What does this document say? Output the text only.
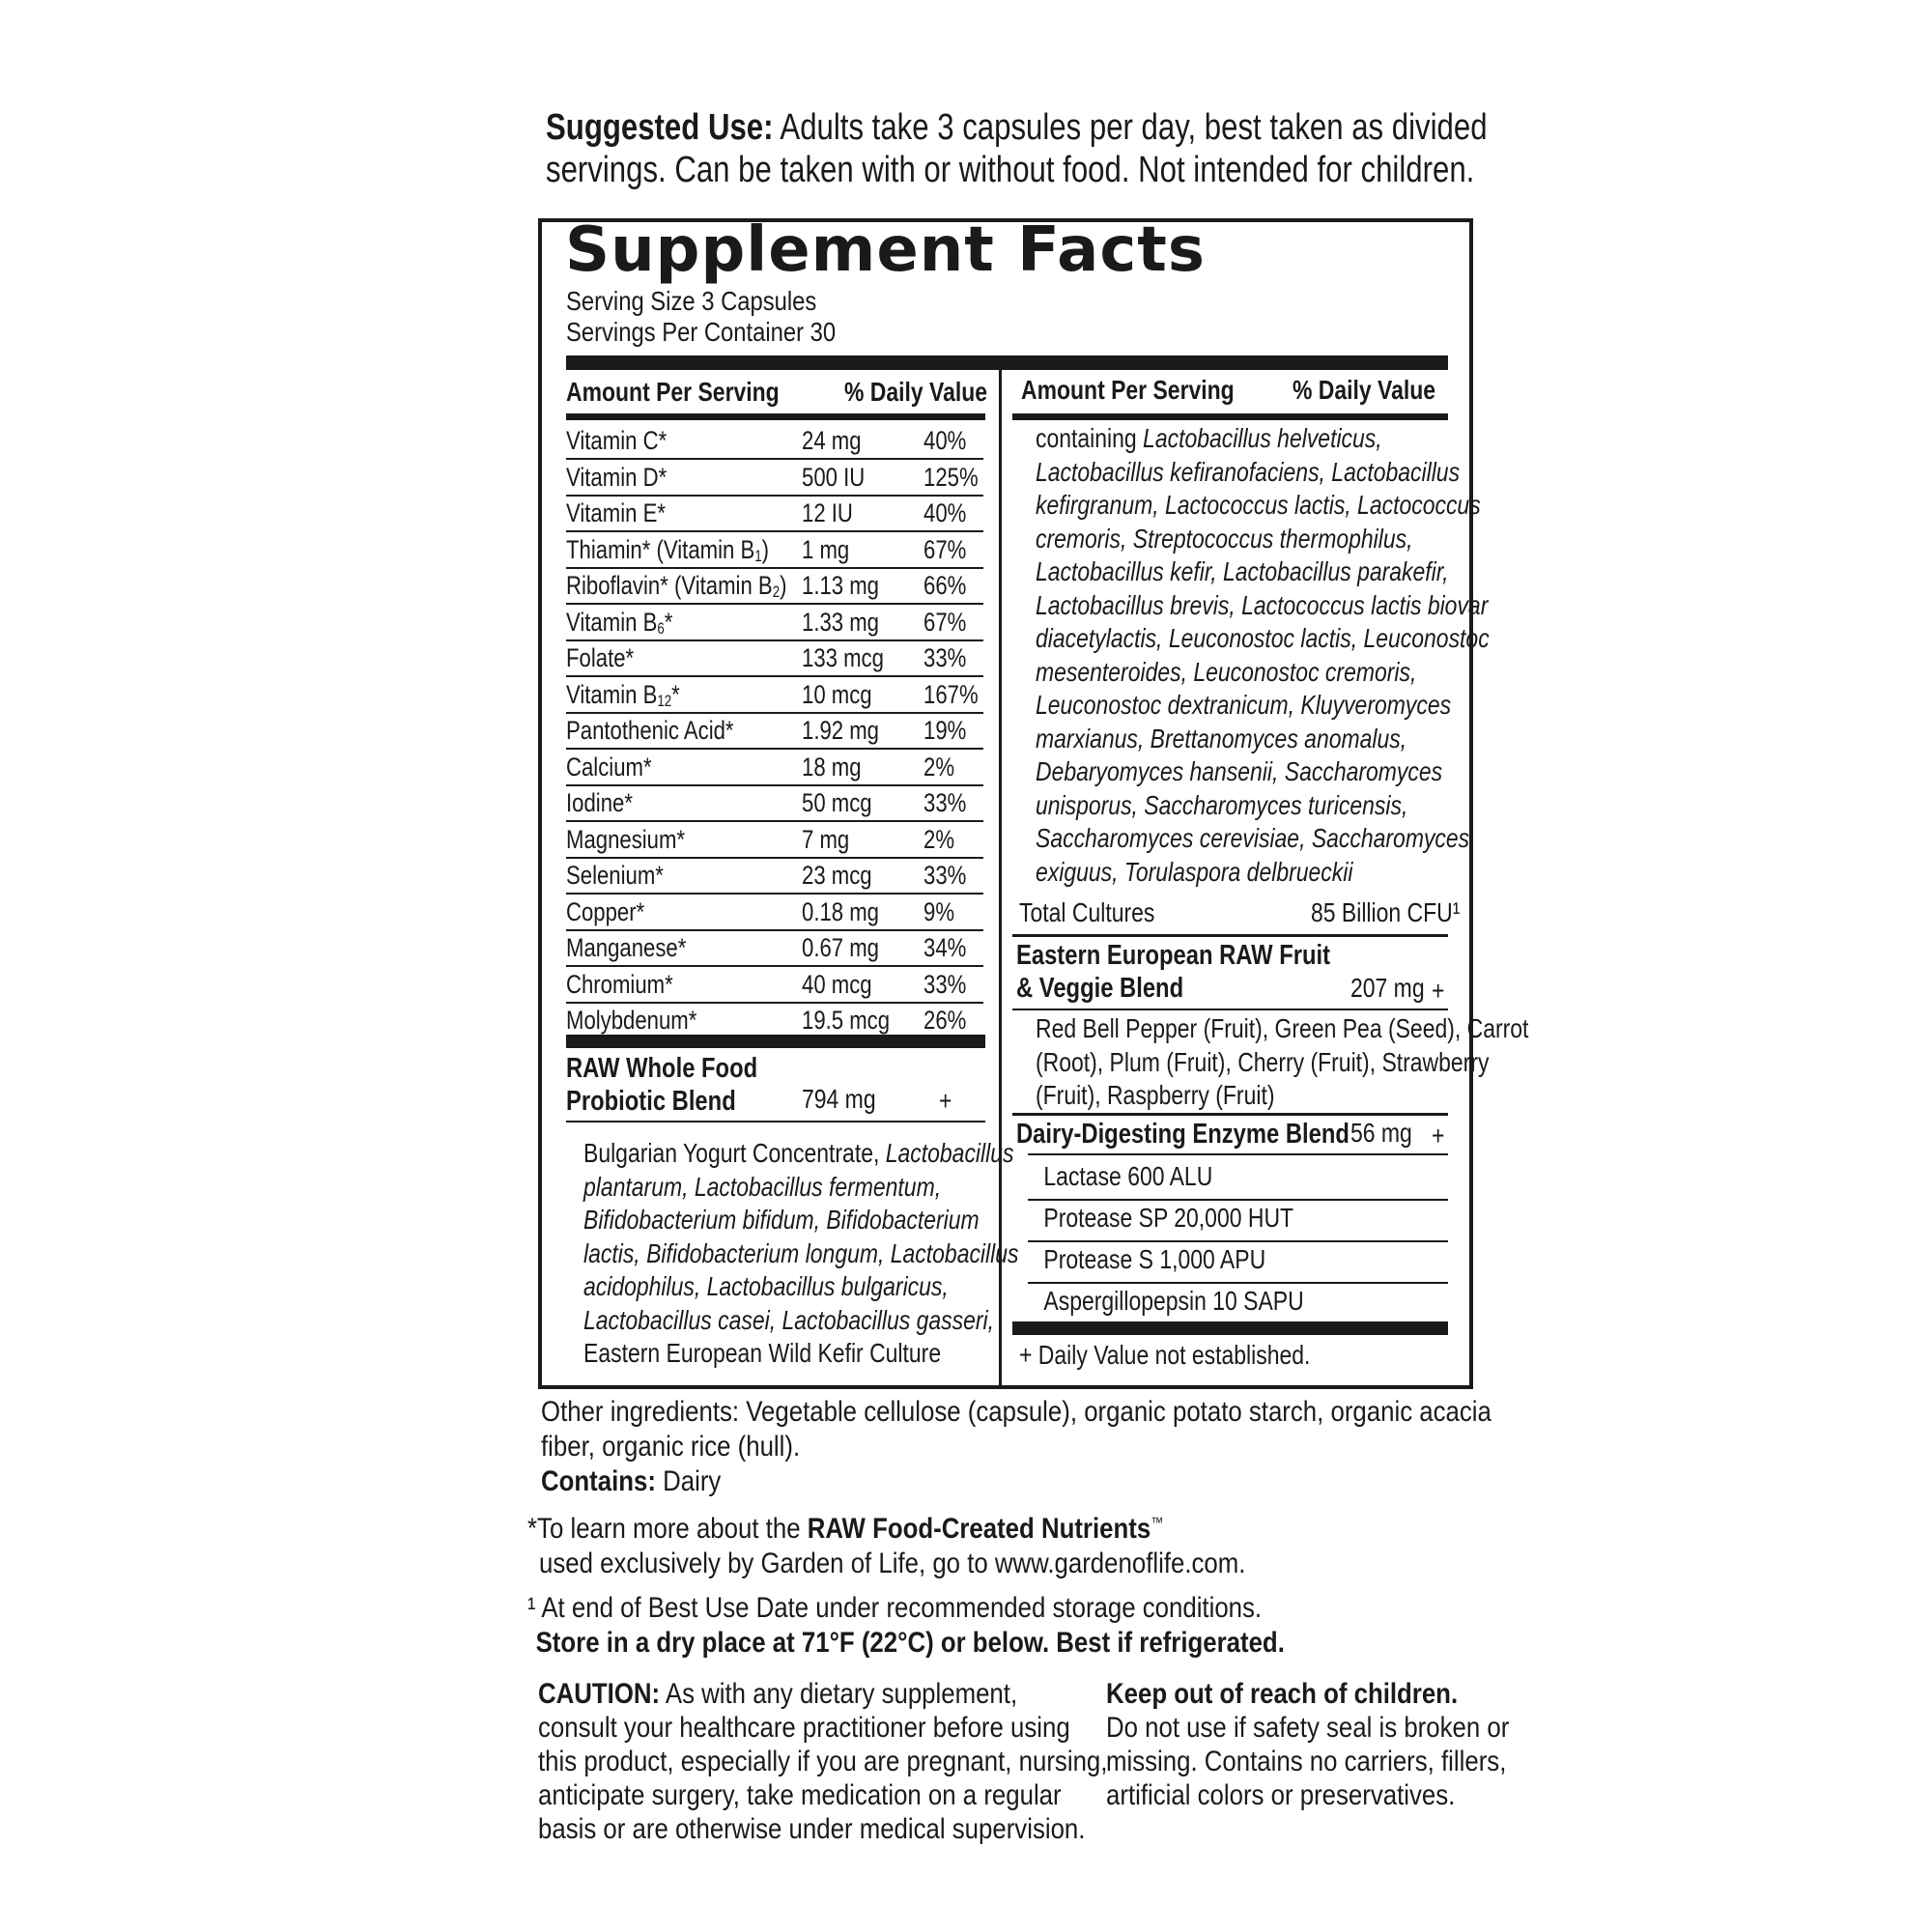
Suggested Use: Adults take 3 capsules per day, best taken as divided
servings. Can be taken with or without food. Not intended for children.
Supplement Facts
Serving Size 3 Capsules
Servings Per Container 30
Amount Per Serving	% Daily Value	Amount Per Serving	% Daily Value
Vitamin C*	24 mg 40%
Vitamin D*	500 IU 125%
Vitamin E*	12 IU	40%
Thiamin* (Vitamin $B_1$) 1 mg	67%
Riboflavin* (Vitamin $B_2$) 1.13 mg 66%
Vitamin $B_6*$	1.33 mg 67%
Folate*	133 mcg 33%
Vitamin $B_{12}*$	10 mcg 167%
Pantothenic Acid*	1.92 mg 19%
Calcium*	18 mg 2%
Iodine*	50 mcg 33%
Magnesium*	7 mg	2%
Selenium*	23 mcg 33%
Copper*	0.18 mg 9%
Manganese*	0.67 mg 34%
Chromium*	40 mcg 33%
Molybdenum*	19.5 mcg 26%
RAW Whole Food
Probiotic Blend	794 mg +
Bulgarian Yogurt Concentrate, Lactobacillus
plantarum, Lactobacillus fermentum,
Bifidobacterium bifidum, Bifidobacterium
lactis, Bifidobacterium longum, Lactobacillus
acidophilus, Lactobacillus bulgaricus,
Lactobacillus casei, Lactobacillus gasseri,
Eastern European Wild Kefir Culture
containing Lactobacillus helveticus,
Lactobacillus kefiranofaciens, Lactobacillus
kefirgranum, Lactococcus lactis, Lactococcus
cremoris, Streptococcus thermophilus,
Lactobacillus kefir, Lactobacillus parakefir,
Lactobacillus brevis, Lactococcus lactis biovar
diacetylactis, Leuconostoc lactis, Leuconostoc
mesenteroides, Leuconostoc cremoris,
Leuconostoc dextranicum, Kluyveromyces
marxianus, Brettanomyces anomalus,
Debaryomyces hansenii, Saccharomyces
unisporus, Saccharomyces turicensis,
Saccharomyces cerevisiae, Saccharomyces
exiguus, Torulaspora delbrueckii
Total Cultures	85 Billion CFU¹
Eastern European RAW Fruit
& Veggie Blend	207 mg +
Red Bell Pepper (Fruit), Green Pea (Seed), Carrot
(Root), Plum (Fruit), Cherry (Fruit), Strawberry
(Fruit), Raspberry (Fruit)
Dairy-Digesting Enzyme Blend 56 mg +
Lactase 600 ALU
Protease SP 20,000 HUT
Protease S 1,000 APU
Aspergillopepsin 10 SAPU
+ Daily Value not established.
Other ingredients: Vegetable cellulose (capsule), organic potato starch, organic acacia
fiber, organic rice (hull).
Contains: Dairy
*To learn more about the RAW Food-Created Nutrients™
used exclusively by Garden of Life, go to www.gardenoflife.com.
¹ At end of Best Use Date under recommended storage conditions.
Store in a dry place at 71°F (22°C) or below. Best if refrigerated.
CAUTION: As with any dietary supplement,
consult your healthcare practitioner before using
this product, especially if you are pregnant, nursing,
anticipate surgery, take medication on a regular
basis or are otherwise under medical supervision.
Keep out of reach of children.
Do not use if safety seal is broken or
missing. Contains no carriers, fillers,
artificial colors or preservatives.
